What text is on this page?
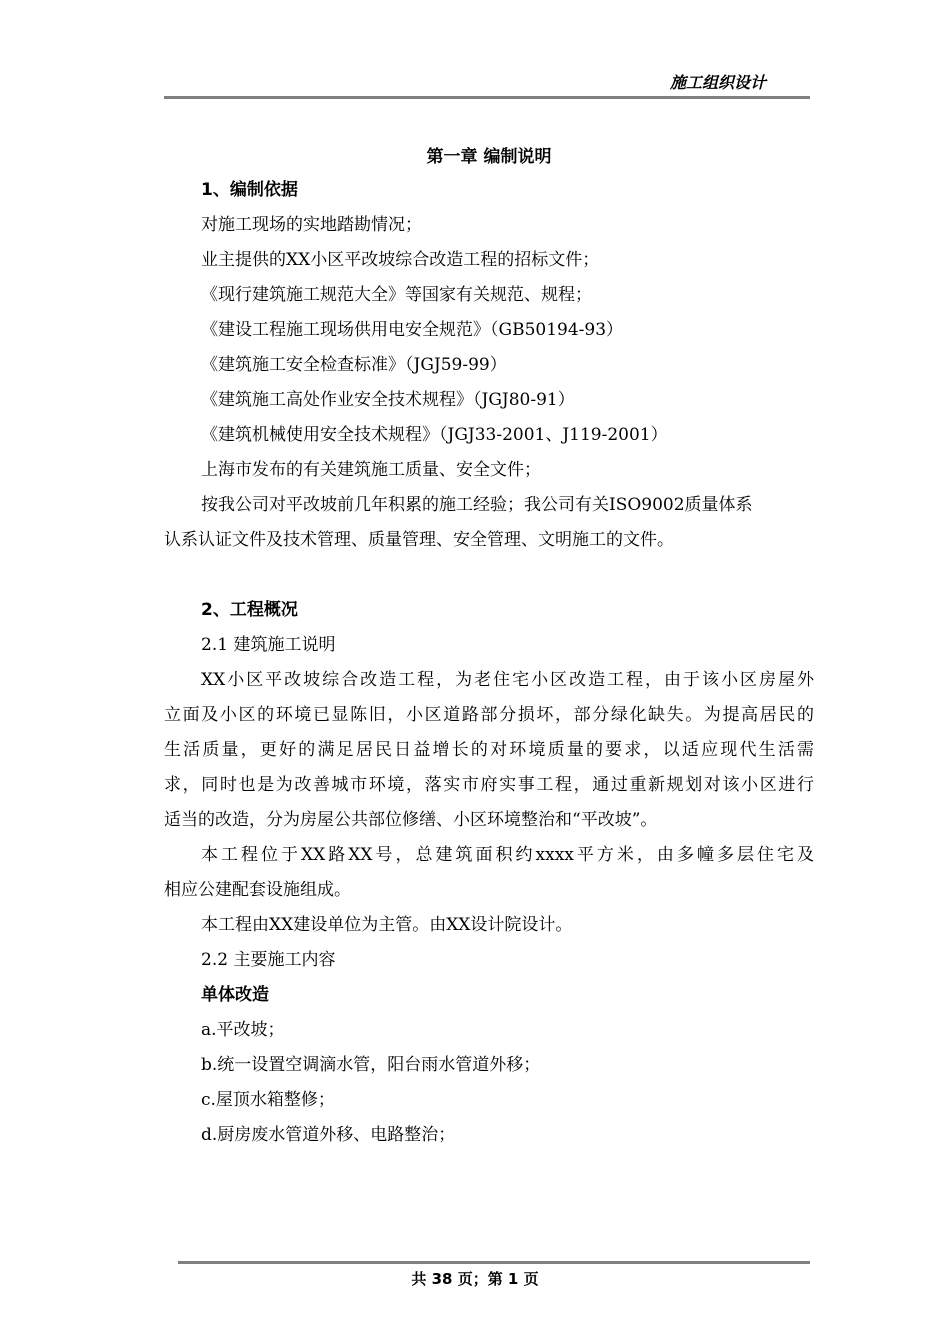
施工组织设计
第一章 编制说明
1、编制依据
对施工现场的实地踏勘情况；
业主提供的XX小区平改坡综合改造工程的招标文件；
《现行建筑施工规范大全》等国家有关规范、规程；
《建设工程施工现场供用电安全规范》（GB50194-93）
《建筑施工安全检查标准》（JGJ59-99）
《建筑施工高处作业安全技术规程》（JGJ80-91）
《建筑机械使用安全技术规程》（JGJ33-2001、J119-2001）
上海市发布的有关建筑施工质量、安全文件；
按我公司对平改坡前几年积累的施工经验；我公司有关ISO9002质量体系
认系认证文件及技术管理、质量管理、安全管理、文明施工的文件。
2、工程概况
2.1 建筑施工说明
XX小区平改坡综合改造工程，为老住宅小区改造工程，由于该小区房屋外
立面及小区的环境已显陈旧，小区道路部分损坏，部分绿化缺失。为提高居民的
生活质量，更好的满足居民日益增长的对环境质量的要求，以适应现代生活需
求，同时也是为改善城市环境，落实市府实事工程，通过重新规划对该小区进行
适当的改造，分为房屋公共部位修缮、小区环境整治和“平改坡”。
本工程位于XX路XX号，总建筑面积约xxxx平方米，由多幢多层住宅及
相应公建配套设施组成。
本工程由XX建设单位为主管。由XX设计院设计。
2.2 主要施工内容
单体改造
a.平改坡；
b.统一设置空调滴水管，阳台雨水管道外移；
c.屋顶水箱整修；
d.厨房废水管道外移、电路整治；
共 38 页；第 1 页
